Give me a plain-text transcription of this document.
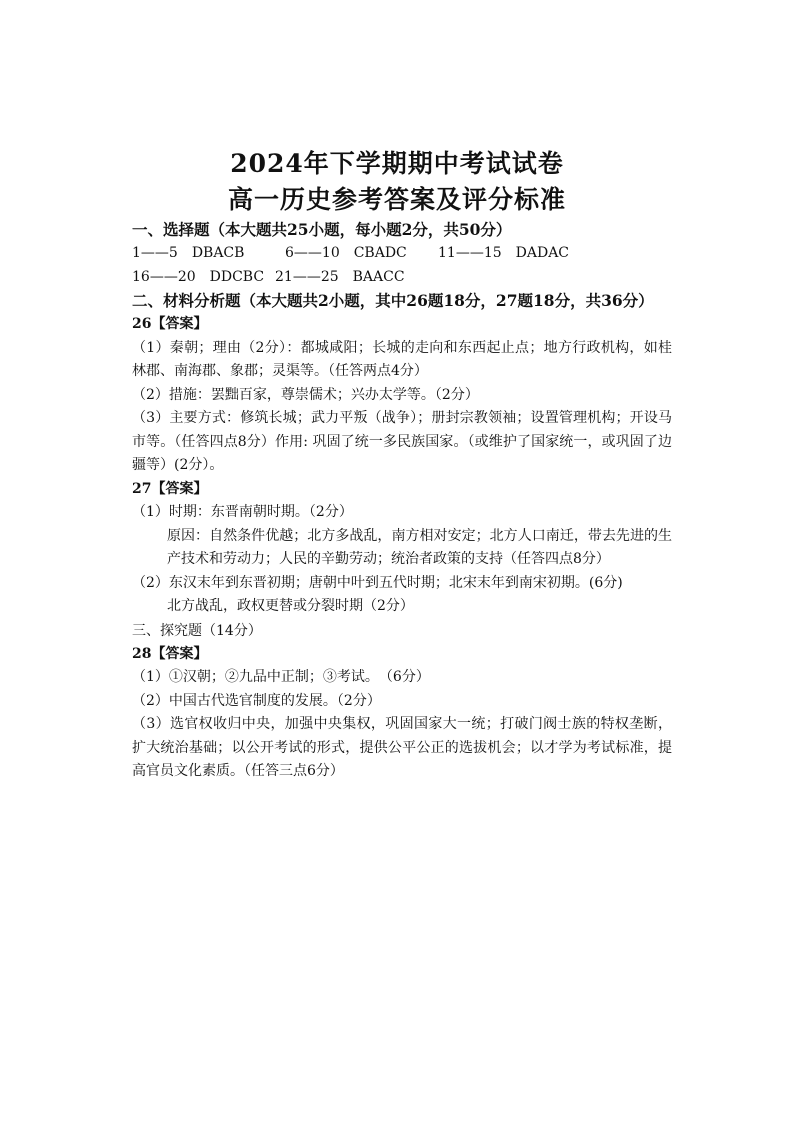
2024年下学期期中考试试卷
高一历史参考答案及评分标准

一、选择题（本大题共25小题，每小题2分，共50分）

1——5　DBACB	6——10　CBADC	11——15　DADAC
16——20　DDCBC 21——25　BAACC

二、材料分析题（本大题共2小题，其中26题18分，27题18分，共36分）

26【答案】

（1）秦朝；理由（2分）：都城咸阳；长城的走向和东西起止点；地方行政机构，如桂林郡、南海郡、象郡；灵渠等。（任答两点4分）

（2）措施：罢黜百家，尊崇儒术；兴办太学等。（2分）

（3）主要方式：修筑长城；武力平叛（战争）；册封宗教领袖；设置管理机构；开设马市等。（任答四点8分）作用: 巩固了统一多民族国家。（或维护了国家统一，或巩固了边疆等）(2分）。

27【答案】

（1）时期：东晋南朝时期。（2分）

原因：自然条件优越；北方多战乱，南方相对安定；北方人口南迁，带去先进的生产技术和劳动力；人民的辛勤劳动；统治者政策的支持（任答四点8分）

（2）东汉末年到东晋初期；唐朝中叶到五代时期；北宋末年到南宋初期。(6分)

北方战乱，政权更替或分裂时期（2分）

三、探究题（14分）

28【答案】

（1）①汉朝；②九品中正制；③考试。　（6分）

（2）中国古代选官制度的发展。（2分）

（3）选官权收归中央，加强中央集权，巩固国家大一统；打破门阀士族的特权垄断，扩大统治基础；以公开考试的形式，提供公平公正的选拔机会；以才学为考试标准，提高官员文化素质。（任答三点6分）
